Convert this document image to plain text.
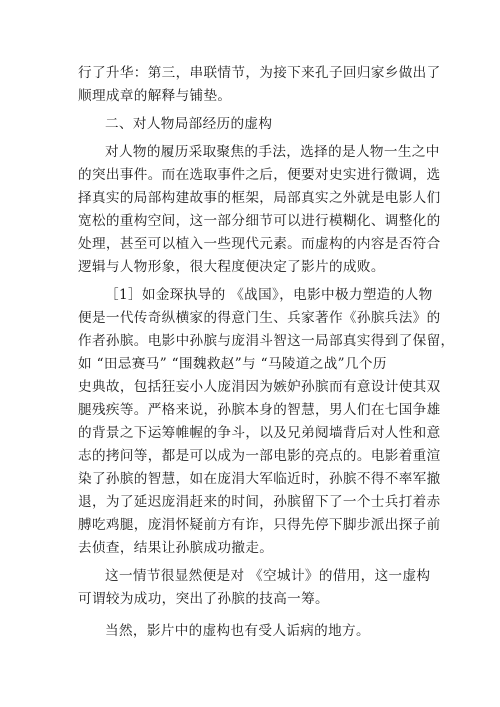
行了升华：第三，串联情节，为接下来孔子回归家乡做出了
顺理成章的解释与铺垫。
二、对人物局部经历的虚构
对人物的履历采取聚焦的手法，选择的是人物一生之中
的突出事件。而在选取事件之后，便要对史实进行微调，选
择真实的局部构建故事的框架，局部真实之外就是电影人们
宽松的重构空间，这一部分细节可以进行模糊化、调整化的
处理，甚至可以植入一些现代元素。而虚构的内容是否符合
逻辑与人物形象，很大程度便决定了影片的成败。
［1］如金琛执导的 《战国》，电影中极力塑造的人物
便是一代传奇纵横家的得意门生、兵家著作《孙膑兵法》的
作者孙膑。电影中孙膑与庞涓斗智这一局部真实得到了保留，
如 “田忌赛马” “围魏救赵”与 “马陵道之战”几个历
史典故，包括狂妄小人庞涓因为嫉妒孙膑而有意设计使其双
腿残疾等。严格来说，孙膑本身的智慧，男人们在七国争雄
的背景之下运筹帷幄的争斗，以及兄弟阋墙背后对人性和意
志的拷问等，都是可以成为一部电影的亮点的。电影着重渲
染了孙膑的智慧，如在庞涓大军临近时，孙膑不得不率军撤
退，为了延迟庞涓赶来的时间，孙膑留下了一个士兵打着赤
膊吃鸡腿，庞涓怀疑前方有诈，只得先停下脚步派出探子前
去侦查，结果让孙膑成功撤走。
这一情节很显然便是对 《空城计》的借用，这一虚构
可谓较为成功，突出了孙膑的技高一筹。
当然，影片中的虚构也有受人诟病的地方。
